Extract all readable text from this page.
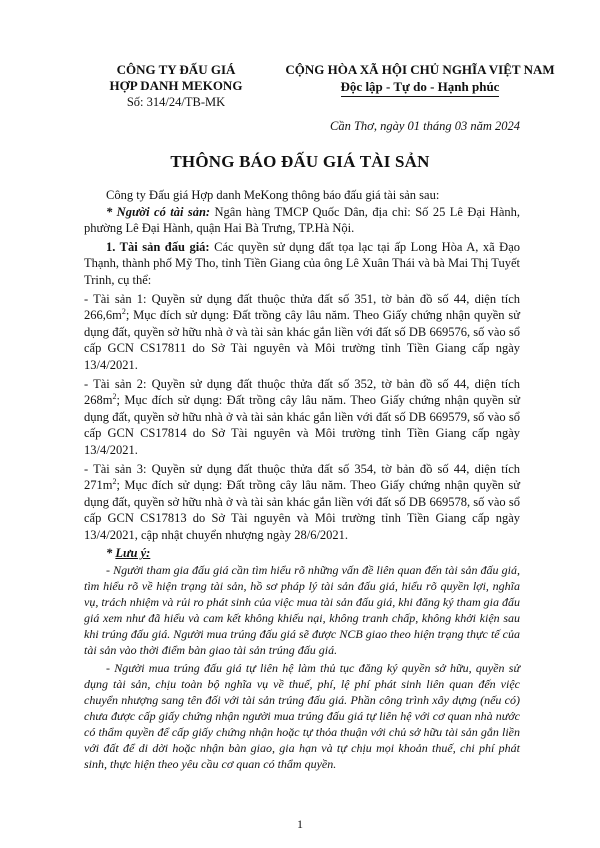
CÔNG TY ĐẤU GIÁ
HỢP DANH MEKONG
Số: 314/24/TB-MK
CỘNG HÒA XÃ HỘI CHỦ NGHĨA VIỆT NAM
Độc lập - Tự do - Hạnh phúc
Cần Thơ, ngày 01 tháng 03 năm 2024
THÔNG BÁO ĐẤU GIÁ TÀI SẢN

Công ty Đấu giá Hợp danh MeKong thông báo đấu giá tài sản sau:

* Người có tài sản: Ngân hàng TMCP Quốc Dân, địa chỉ: Số 25 Lê Đại Hành, phường Lê Đại Hành, quận Hai Bà Trưng, TP.Hà Nội.

1. Tài sản đấu giá: Các quyền sử dụng đất tọa lạc tại ấp Long Hòa A, xã Đạo Thạnh, thành phố Mỹ Tho, tỉnh Tiền Giang của ông Lê Xuân Thái và bà Mai Thị Tuyết Trinh, cụ thể:

- Tài sản 1: Quyền sử dụng đất thuộc thửa đất số 351, tờ bản đồ số 44, diện tích $266,6m^2$; Mục đích sử dụng: Đất trồng cây lâu năm. Theo Giấy chứng nhận quyền sử dụng đất, quyền sở hữu nhà ở và tài sản khác gắn liền với đất số DB 669576, số vào sổ cấp GCN CS17811 do Sở Tài nguyên và Môi trường tỉnh Tiền Giang cấp ngày 13/4/2021.

- Tài sản 2: Quyền sử dụng đất thuộc thửa đất số 352, tờ bản đồ số 44, diện tích $268m^2$; Mục đích sử dụng: Đất trồng cây lâu năm. Theo Giấy chứng nhận quyền sử dụng đất, quyền sở hữu nhà ở và tài sản khác gắn liền với đất số DB 669579, số vào sổ cấp GCN CS17814 do Sở Tài nguyên và Môi trường tỉnh Tiền Giang cấp ngày 13/4/2021.

- Tài sản 3: Quyền sử dụng đất thuộc thửa đất số 354, tờ bản đồ số 44, diện tích $271m^2$; Mục đích sử dụng: Đất trồng cây lâu năm. Theo Giấy chứng nhận quyền sử dụng đất, quyền sở hữu nhà ở và tài sản khác gắn liền với đất số DB 669578, số vào sổ cấp GCN CS17813 do Sở Tài nguyên và Môi trường tỉnh Tiền Giang cấp ngày 13/4/2021, cập nhật chuyển nhượng ngày 28/6/2021.

* Lưu ý:

- Người tham gia đấu giá cần tìm hiểu rõ những vấn đề liên quan đến tài sản đấu giá, tìm hiểu rõ về hiện trạng tài sản, hồ sơ pháp lý tài sản đấu giá, hiểu rõ quyền lợi, nghĩa vụ, trách nhiệm và rủi ro phát sinh của việc mua tài sản đấu giá, khi đăng ký tham gia đấu giá xem như đã hiểu và cam kết không khiếu nại, không tranh chấp, không khởi kiện sau khi trúng đấu giá. Người mua trúng đấu giá sẽ được NCB giao theo hiện trạng thực tế của tài sản vào thời điểm bàn giao tài sản trúng đấu giá.

- Người mua trúng đấu giá tự liên hệ làm thủ tục đăng ký quyền sở hữu, quyền sử dụng tài sản, chịu toàn bộ nghĩa vụ về thuế, phí, lệ phí phát sinh liên quan đến việc chuyển nhượng sang tên đối với tài sản trúng đấu giá. Phần công trình xây dựng (nếu có) chưa được cấp giấy chứng nhận người mua trúng đấu giá tự liên hệ với cơ quan nhà nước có thẩm quyền để cấp giấy chứng nhận hoặc tự thỏa thuận với chủ sở hữu tài sản gắn liền với đất để di dời hoặc nhận bàn giao, gia hạn và tự chịu mọi khoản thuế, chi phí phát sinh, thực hiện theo yêu cầu cơ quan có thẩm quyền.

1
